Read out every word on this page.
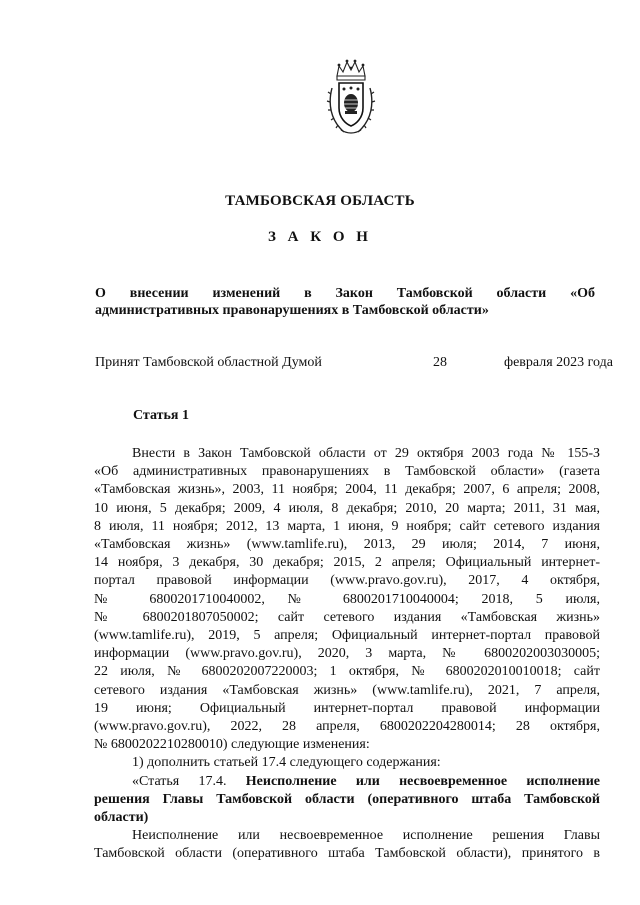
ТАМБОВСКАЯ ОБЛАСТЬ
З А К О Н
О внесении изменений в Закон Тамбовской области «Об
административных правонарушениях в Тамбовской области»
Принят Тамбовской областной Думой	28	февраля 2023 года
Статья 1
Внести в Закон Тамбовской области от 29 октября 2003 года № 155-З
«Об административных правонарушениях в Тамбовской области» (газета
«Тамбовская жизнь», 2003, 11 ноября; 2004, 11 декабря; 2007, 6 апреля; 2008,
10 июня, 5 декабря; 2009, 4 июля, 8 декабря; 2010, 20 марта; 2011, 31 мая,
8 июля, 11 ноября; 2012, 13 марта, 1 июня, 9 ноября; сайт сетевого издания
«Тамбовская жизнь» (www.tamlife.ru), 2013, 29 июля; 2014, 7 июня,
14 ноября, 3 декабря, 30 декабря; 2015, 2 апреля; Официальный интернет-
портал правовой информации (www.pravo.gov.ru), 2017, 4 октября,
№ 6800201710040002, № 6800201710040004; 2018, 5 июля,
№ 6800201807050002; сайт сетевого издания «Тамбовская жизнь»
(www.tamlife.ru), 2019, 5 апреля; Официальный интернет-портал правовой
информации (www.pravo.gov.ru), 2020, 3 марта, № 6800202003030005;
22 июля, № 6800202007220003; 1 октября, № 6800202010010018; сайт
сетевого издания «Тамбовская жизнь» (www.tamlife.ru), 2021, 7 апреля,
19 июня; Официальный интернет-портал правовой информации
(www.pravo.gov.ru), 2022, 28 апреля, 6800202204280014; 28 октября,
№ 6800202210280010) следующие изменения:
1) дополнить статьей 17.4 следующего содержания:
«Статья 17.4. Неисполнение или несвоевременное исполнение
решения Главы Тамбовской области (оперативного штаба Тамбовской
области)
Неисполнение или несвоевременное исполнение решения Главы
Тамбовской области (оперативного штаба Тамбовской области), принятого в
